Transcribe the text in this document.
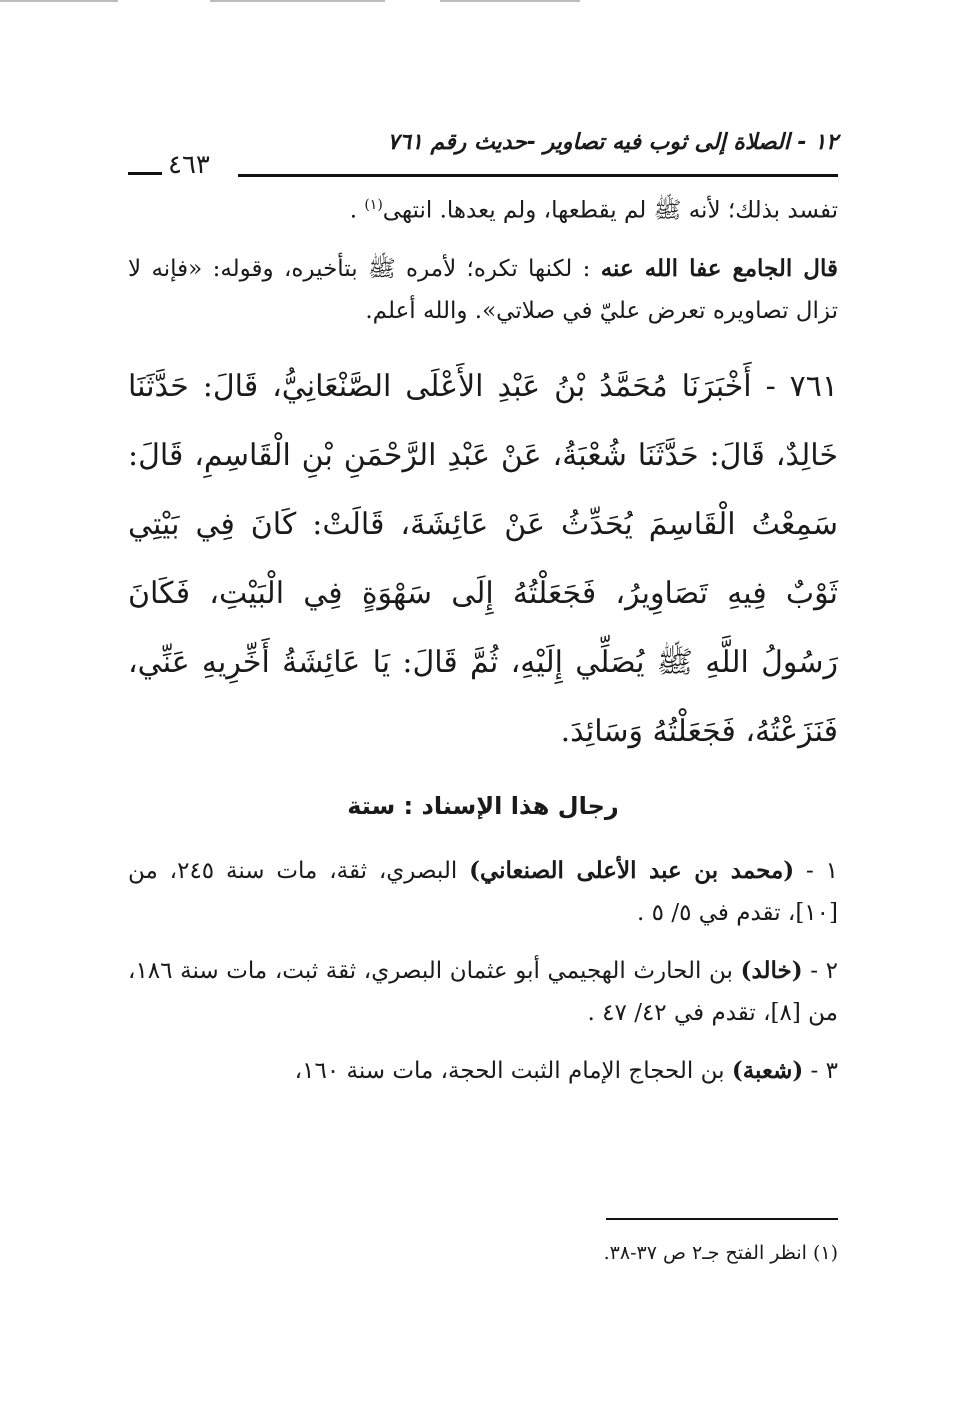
١٢ - الصلاة إلى ثوب فيه تصاوير -حديث رقم ٧٦١
٤٦٣

تفسد بذلك؛ لأنه ﷺ لم يقطعها، ولم يعدها. انتهى$^{(١)}$ .

قال الجامع عفا الله عنه : لكنها تكره؛ لأمره ﷺ بتأخيره، وقوله: «فإنه لا تزال تصاويره تعرض عليّ في صلاتي». والله أعلم.

٧٦١ - أَخْبَرَنَا مُحَمَّدُ بْنُ عَبْدِ الأَعْلَى الصَّنْعَانِيُّ، قَالَ: حَدَّثَنَا خَالِدٌ، قَالَ: حَدَّثَنَا شُعْبَةُ، عَنْ عَبْدِ الرَّحْمَنِ بْنِ الْقَاسِمِ، قَالَ: سَمِعْتُ الْقَاسِمَ يُحَدِّثُ عَنْ عَائِشَةَ، قَالَتْ: كَانَ فِي بَيْتِي ثَوْبٌ فِيهِ تَصَاوِيرُ، فَجَعَلْتُهُ إِلَى سَهْوَةٍ فِي الْبَيْتِ، فَكَانَ رَسُولُ اللَّهِ ﷺ يُصَلِّي إِلَيْهِ، ثُمَّ قَالَ: يَا عَائِشَةُ أَخِّرِيهِ عَنِّي، فَنَزَعْتُهُ، فَجَعَلْتُهُ وَسَائِدَ.

رجال هذا الإسناد : ستة

١ - (محمد بن عبد الأعلى الصنعاني) البصري، ثقة، مات سنة ٢٤٥، من [١٠]، تقدم في ٥/ ٥ .

٢ - (خالد) بن الحارث الهجيمي أبو عثمان البصري، ثقة ثبت، مات سنة ١٨٦، من [٨]، تقدم في ٤٢/ ٤٧ .

٣ - (شعبة) بن الحجاج الإمام الثبت الحجة، مات سنة ١٦٠،

(١) انظر الفتح جـ٢ ص ٣٧-٣٨.
